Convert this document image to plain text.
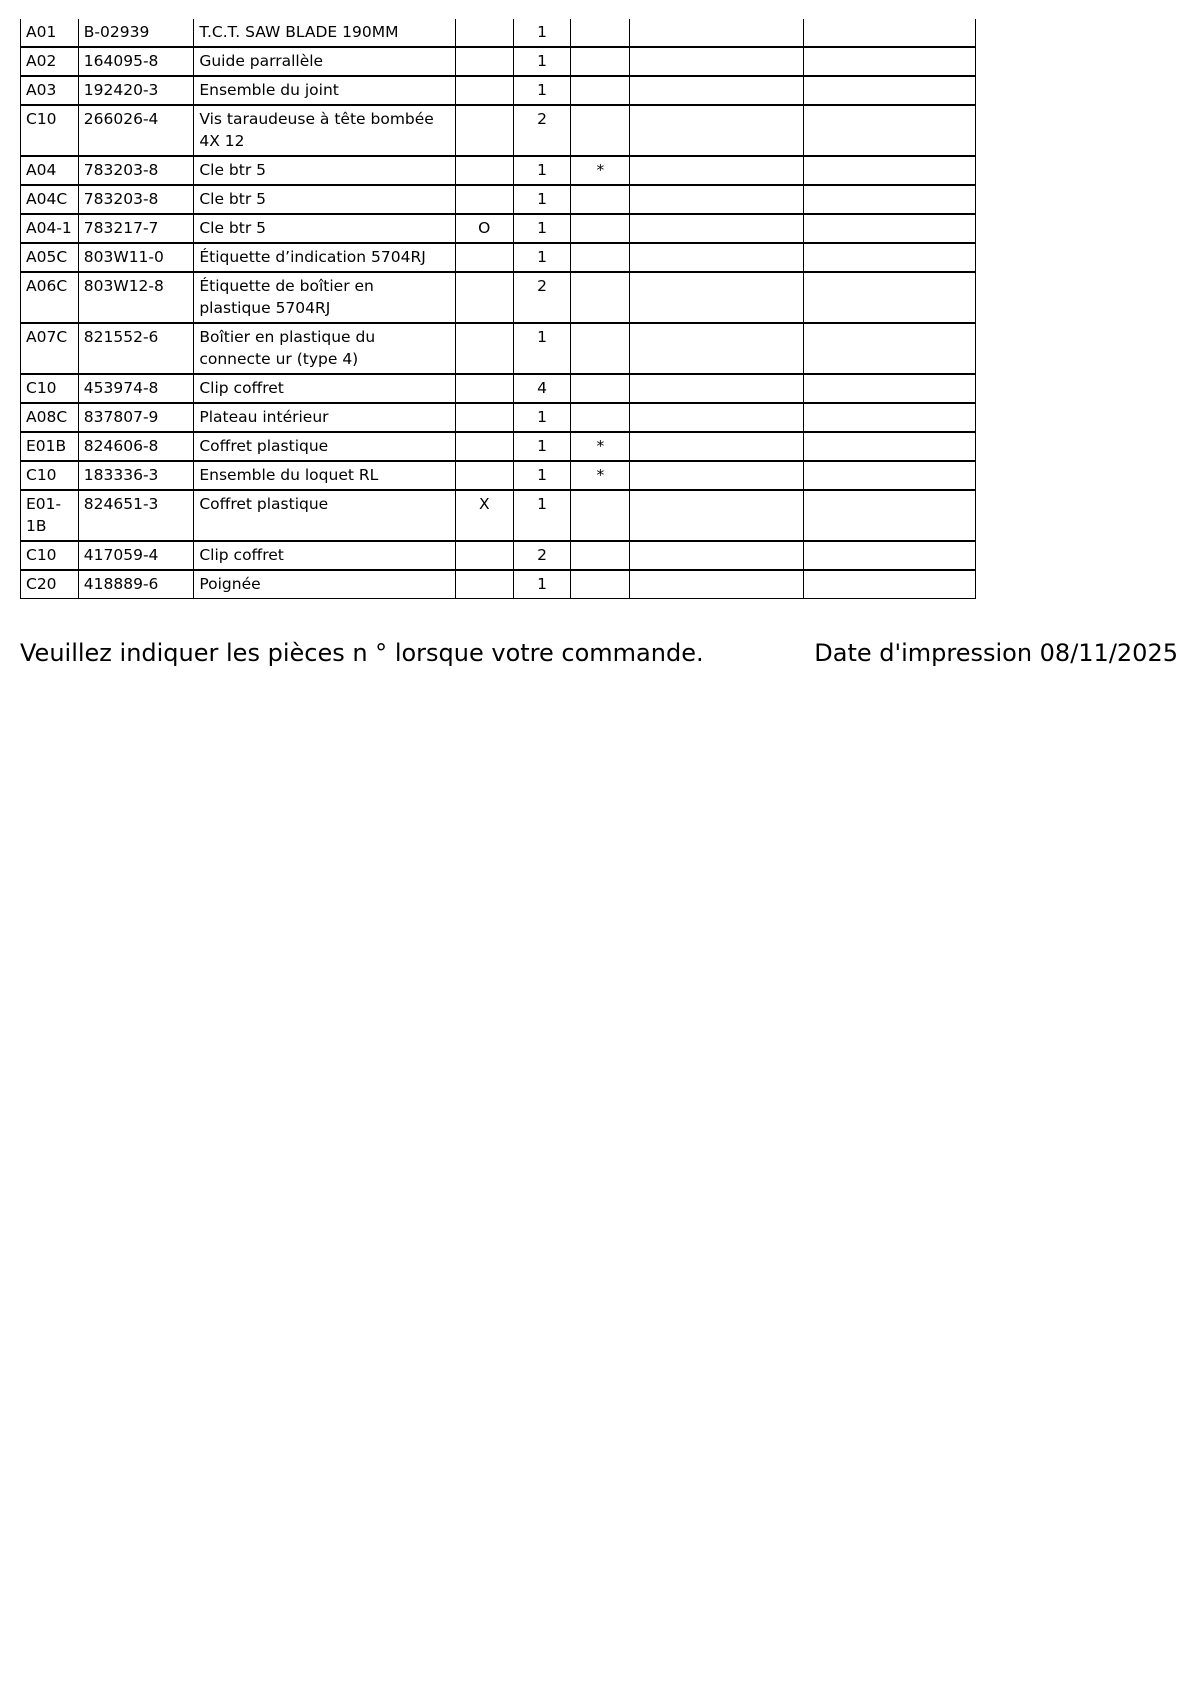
A01	B-02939	T.C.T. SAW BLADE 190MM		1			
A02	164095-8	Guide parrallèle		1			
A03	192420-3	Ensemble du joint		1			
C10	266026-4	Vis taraudeuse à tête bombée 4X 12		2			
A04	783203-8	Cle btr 5		1	*		
A04C	783203-8	Cle btr 5		1			
A04-1	783217-7	Cle btr 5	O	1			
A05C	803W11-0	Étiquette d’indication 5704RJ		1			
A06C	803W12-8	Étiquette de boîtier en plastique 5704RJ		2			
A07C	821552-6	Boîtier en plastique du connecte ur (type 4)		1			
C10	453974-8	Clip coffret		4			
A08C	837807-9	Plateau intérieur		1			
E01B	824606-8	Coffret plastique		1	*		
C10	183336-3	Ensemble du loquet RL		1	*		
E01-1B	824651-3	Coffret plastique	X	1			
C10	417059-4	Clip coffret		2			
C20	418889-6	Poignée		1			
Veuillez indiquer les pièces n ° lorsque votre commande.	Date d'impression 08/11/2025
